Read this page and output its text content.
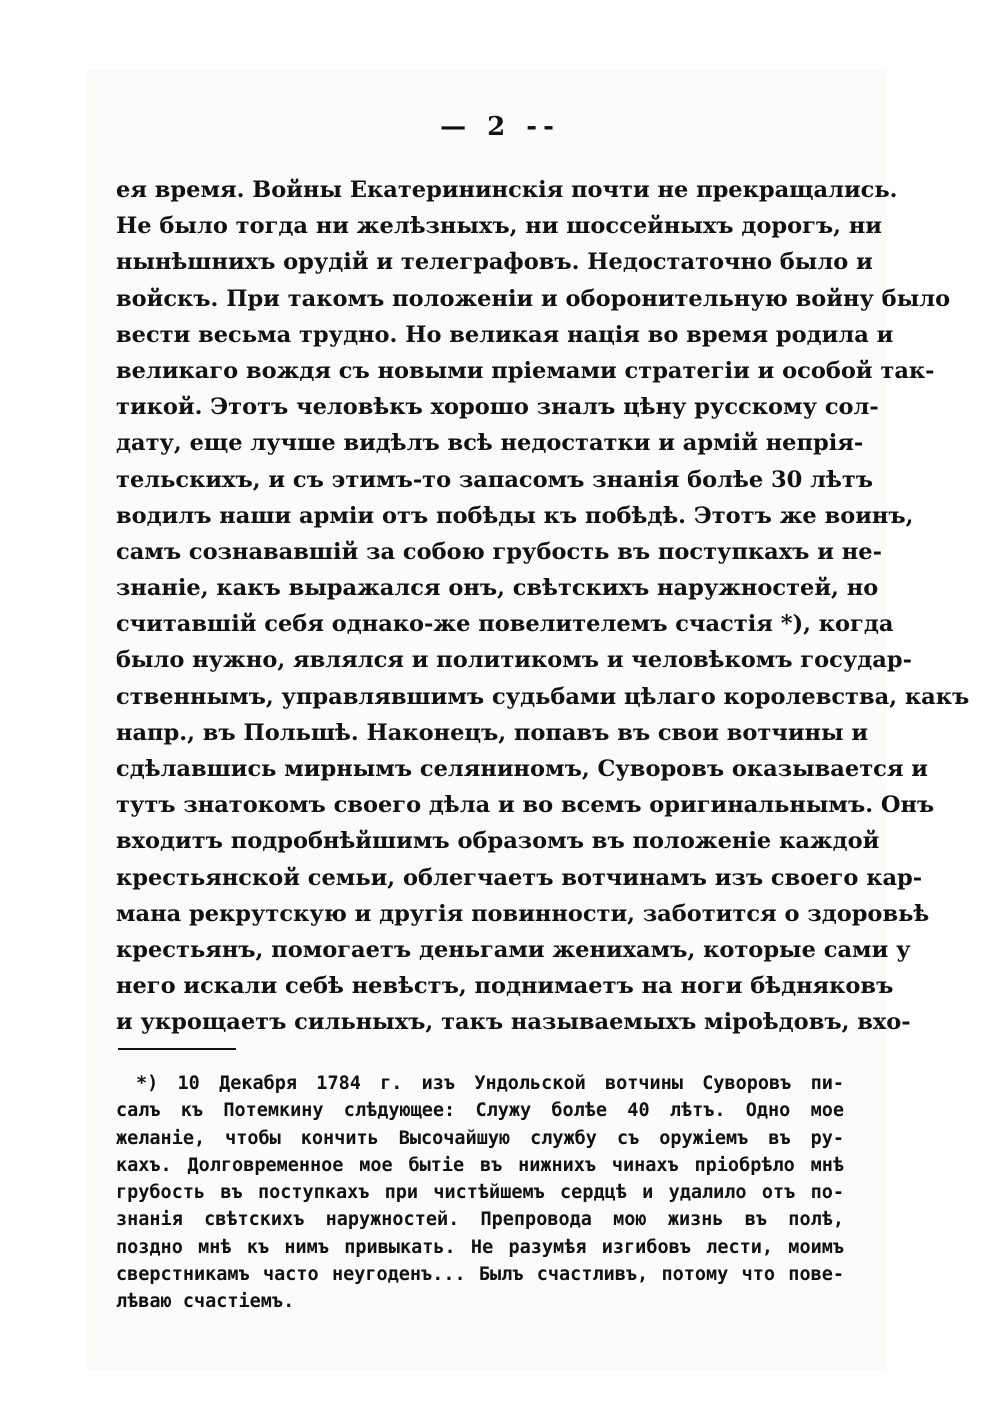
— 2 --
ея время. Войны Екатерининскія почти не прекращались.
Не было тогда ни желѣзныхъ, ни шоссейныхъ дорогъ, ни
нынѣшнихъ орудій и телеграфовъ. Недостаточно было и
войскъ. При такомъ положеніи и оборонительную войну было
вести весьма трудно. Но великая нація во время родила и
великаго вождя съ новыми пріемами стратегіи и особой так-
тикой. Этотъ человѣкъ хорошо зналъ цѣну русскому сол-
дату, еще лучше видѣлъ всѣ недостатки и армій непрія-
тельскихъ, и съ этимъ-то запасомъ знанія болѣе 30 лѣтъ
водилъ наши арміи отъ побѣды къ побѣдѣ. Этотъ же воинъ,
самъ сознававшій за собою грубость въ поступкахъ и не-
знаніе, какъ выражался онъ, свѣтскихъ наружностей, но
считавшій себя однако-же повелителемъ счастія *), когда
было нужно, являлся и политикомъ и человѣкомъ государ-
ственнымъ, управлявшимъ судьбами цѣлаго королевства, какъ
напр., въ Польшѣ. Наконецъ, попавъ въ свои вотчины и
сдѣлавшись мирнымъ селяниномъ, Суворовъ оказывается и
тутъ знатокомъ своего дѣла и во всемъ оригинальнымъ. Онъ
входитъ подробнѣйшимъ образомъ въ положеніе каждой
крестьянской семьи, облегчаетъ вотчинамъ изъ своего кар-
мана рекрутскую и другія повинности, заботится о здоровьѣ
крестьянъ, помогаетъ деньгами женихамъ, которые сами у
него искали себѣ невѣстъ, поднимаетъ на ноги бѣдняковъ
и укрощаетъ сильныхъ, такъ называемыхъ міроѣдовъ, вхо-
*) 10 Декабря 1784 г. изъ Ундольской вотчины Суворовъ пи-
салъ къ Потемкину слѣдующее: Служу болѣе 40 лѣтъ. Одно мое
желаніе, чтобы кончить Высочайшую службу съ оружіемъ въ ру-
кахъ. Долговременное мое бытіе въ нижнихъ чинахъ пріобрѣло мнѣ
грубость въ поступкахъ при чистѣйшемъ сердцѣ и удалило отъ по-
знанія свѣтскихъ наружностей. Препровода мою жизнь въ полѣ,
поздно мнѣ къ нимъ привыкать. Не разумѣя изгибовъ лести, моимъ
сверстникамъ часто неугоденъ... Былъ счастливъ, потому что пове-
лѣваю счастіемъ.
